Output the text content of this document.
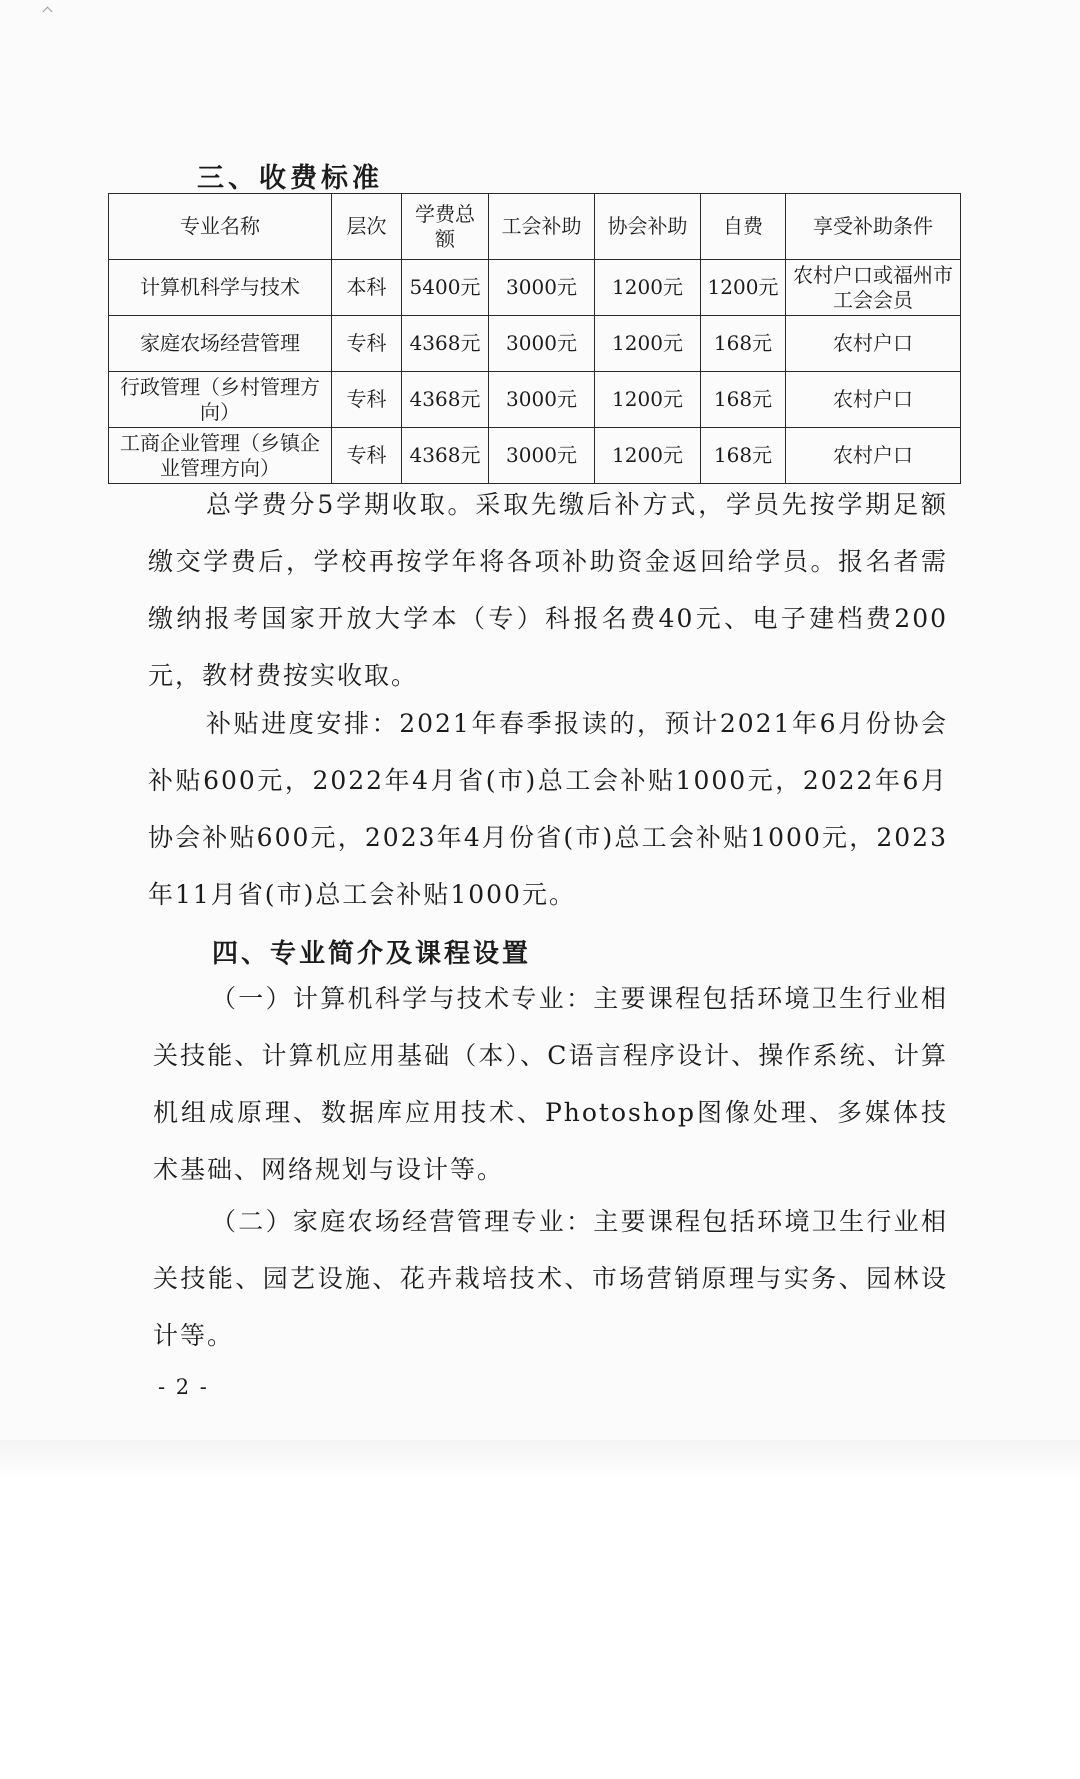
三、收费标准
专业名称	层次	学费总额	工会补助	协会补助	自费	享受补助条件
计算机科学与技术	本科	5400元	3000元	1200元	1200元	农村户口或福州市工会会员
家庭农场经营管理	专科	4368元	3000元	1200元	168元	农村户口
行政管理（乡村管理方向）	专科	4368元	3000元	1200元	168元	农村户口
工商企业管理（乡镇企业管理方向）	专科	4368元	3000元	1200元	168元	农村户口

总学费分5学期收取。采取先缴后补方式，学员先按学期足额缴交学费后，学校再按学年将各项补助资金返回给学员。报名者需缴纳报考国家开放大学本（专）科报名费40元、电子建档费200元，教材费按实收取。

补贴进度安排：2021年春季报读的，预计2021年6月份协会补贴600元，2022年4月省(市)总工会补贴1000元，2022年6月协会补贴600元，2023年4月份省(市)总工会补贴1000元，2023年11月省(市)总工会补贴1000元。

四、专业简介及课程设置

（一）计算机科学与技术专业：主要课程包括环境卫生行业相关技能、计算机应用基础（本）、C语言程序设计、操作系统、计算机组成原理、数据库应用技术、Photoshop图像处理、多媒体技术基础、网络规划与设计等。

（二）家庭农场经营管理专业：主要课程包括环境卫生行业相关技能、园艺设施、花卉栽培技术、市场营销原理与实务、园林设计等。

- 2 -
